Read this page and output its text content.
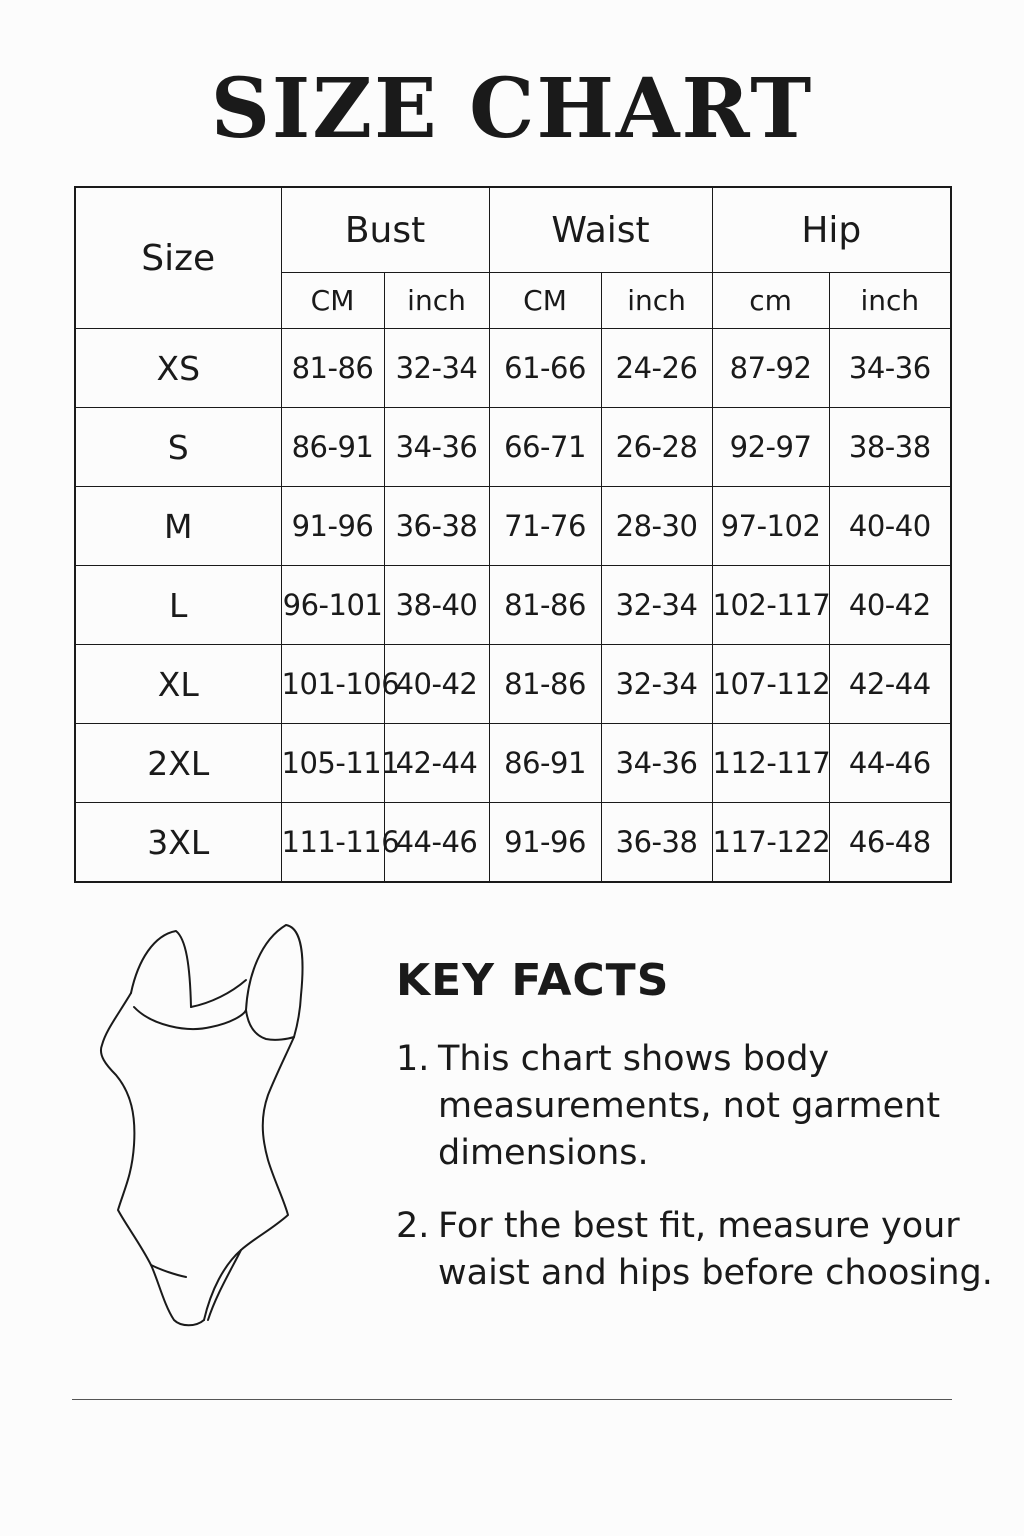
SIZE CHART
Size	Bust		Waist		Hip	
	CM	inch	CM	inch	cm	inch
XS	81-86	32-34	61-66	24-26	87-92	34-36
S	86-91	34-36	66-71	26-28	92-97	38-38
M	91-96	36-38	71-76	28-30	97-102	40-40
L	96-101	38-40	81-86	32-34	102-117	40-42
XL	101-106	40-42	81-86	32-34	107-112	42-44
2XL	105-111	42-44	86-91	34-36	112-117	44-46
3XL	111-116	44-46	91-96	36-38	117-122	46-48
KEY FACTS
1. This chart shows body measurements, not garment dimensions.
2. For the best fit, measure your waist and hips before choosing.
